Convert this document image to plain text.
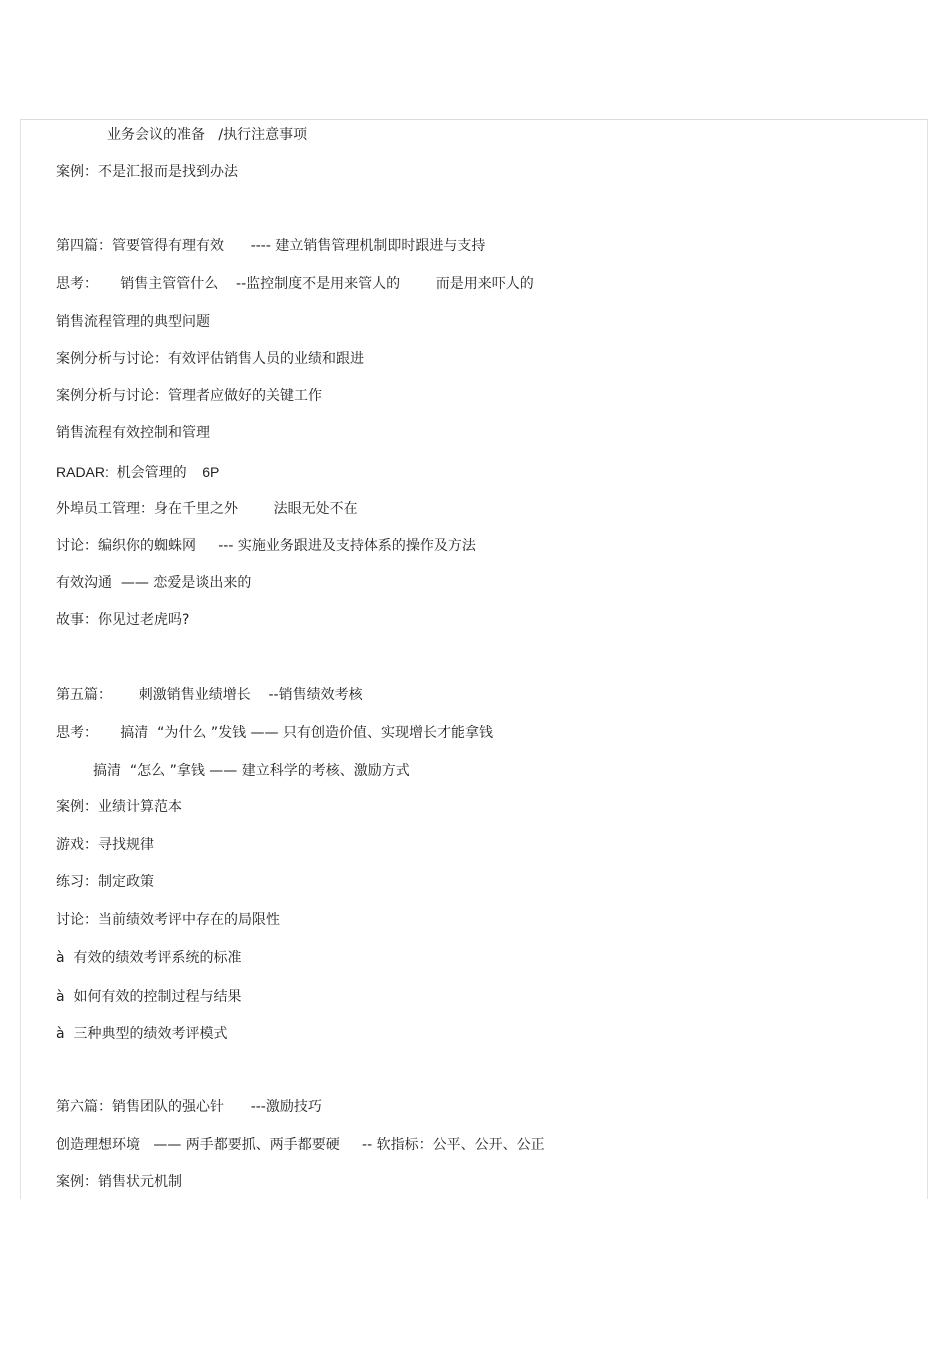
业务会议的准备   /执行注意事项
案例：不是汇报而是找到办法
第四篇：管要管得有理有效      ---- 建立销售管理机制即时跟进与支持
思考：     销售主管管什么    --监控制度不是用来管人的        而是用来吓人的
销售流程管理的典型问题
案例分析与讨论：有效评估销售人员的业绩和跟进
案例分析与讨论：管理者应做好的关键工作
销售流程有效控制和管理
RADAR:  机会管理的    6P
外埠员工管理：身在千里之外        法眼无处不在
讨论：编织你的蜘蛛网     --- 实施业务跟进及支持体系的操作及方法
有效沟通  —— 恋爱是谈出来的
故事：你见过老虎吗?
第五篇：      刺激销售业绩增长    --销售绩效考核
思考：     搞清  “为什么 ”发钱 —— 只有创造价值、实现增长才能拿钱
搞清  “怎么 ”拿钱 —— 建立科学的考核、激励方式
案例：业绩计算范本
游戏：寻找规律
练习：制定政策
讨论：当前绩效考评中存在的局限性
à  有效的绩效考评系统的标准
à  如何有效的控制过程与结果
à  三种典型的绩效考评模式
第六篇：销售团队的强心针      ---激励技巧
创造理想环境   —— 两手都要抓、两手都要硬     -- 软指标：公平、公开、公正
案例：销售状元机制
